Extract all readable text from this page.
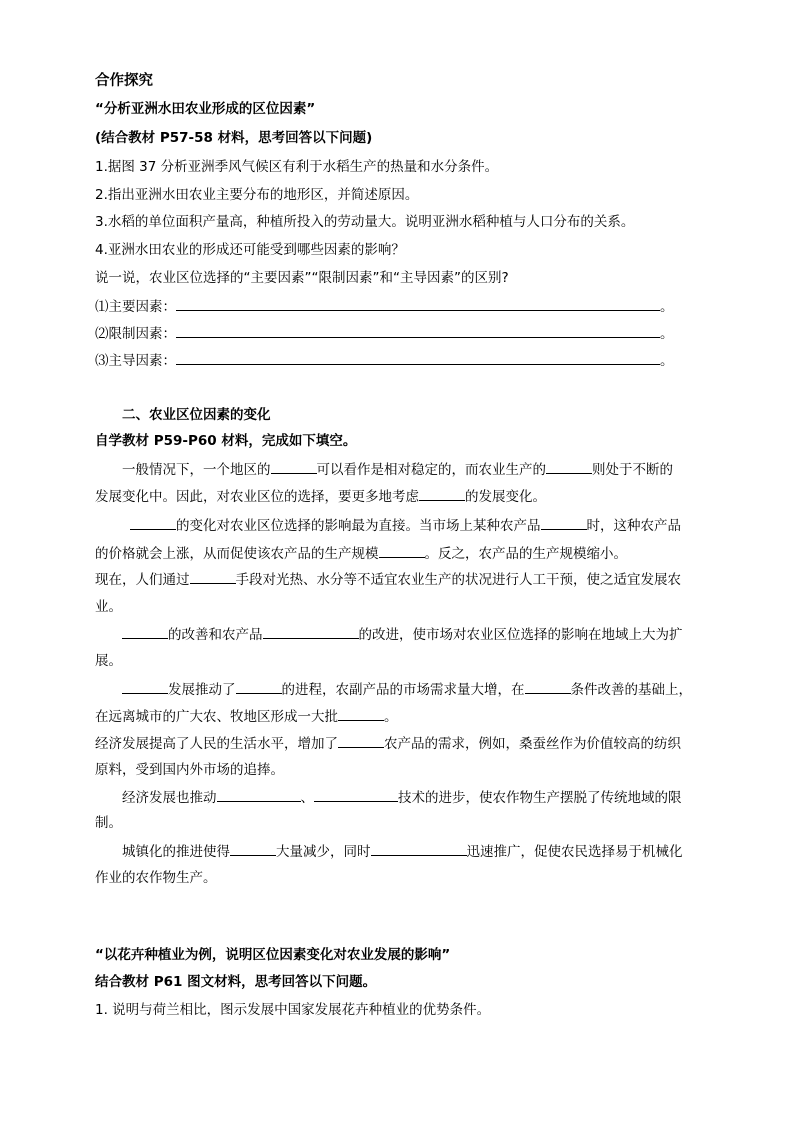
合作探究
“分析亚洲水田农业形成的区位因素”
(结合教材 P57-58 材料，思考回答以下问题)
1.据图 37 分析亚洲季风气候区有利于水稻生产的热量和水分条件。
2.指出亚洲水田农业主要分布的地形区，并简述原因。
3.水稻的单位面积产量高，种植所投入的劳动量大。说明亚洲水稻种植与人口分布的关系。
4.亚洲水田农业的形成还可能受到哪些因素的影响？
说一说，农业区位选择的“主要因素”“限制因素”和“主导因素”的区别?
⑴主要因素：	。
⑵限制因素：	。
⑶主导因素：	。
二、农业区位因素的变化
自学教材 P59-P60 材料，完成如下填空。
一般情况下，一个地区的	可以看作是相对稳定的，而农业生产的	则处于不断的
发展变化中。因此，对农业区位的选择，要更多地考虑	的发展变化。
的变化对农业区位选择的影响最为直接。当市场上某种农产品	时，这种农产品
的价格就会上涨，从而促使该农产品的生产规模	。反之，农产品的生产规模缩小。
现在，人们通过	手段对光热、水分等不适宜农业生产的状况进行人工干预，使之适宜发展农
业。
的改善和农产品	的改进，使市场对农业区位选择的影响在地域上大为扩
展。
发展推动了	的进程，农副产品的市场需求量大增，在	条件改善的基础上，
在远离城市的广大农、牧地区形成一大批	。
经济发展提高了人民的生活水平，增加了	农产品的需求，例如，桑蚕丝作为价值较高的纺织
原料，受到国内外市场的追捧。
经济发展也推动	、	技术的进步，使农作物生产摆脱了传统地域的限
制。
城镇化的推进使得	大量减少，同时	迅速推广，促使农民选择易于机械化
作业的农作物生产。
“以花卉种植业为例，说明区位因素变化对农业发展的影响”
结合教材 P61 图文材料，思考回答以下问题。
1. 说明与荷兰相比，图示发展中国家发展花卉种植业的优势条件。
